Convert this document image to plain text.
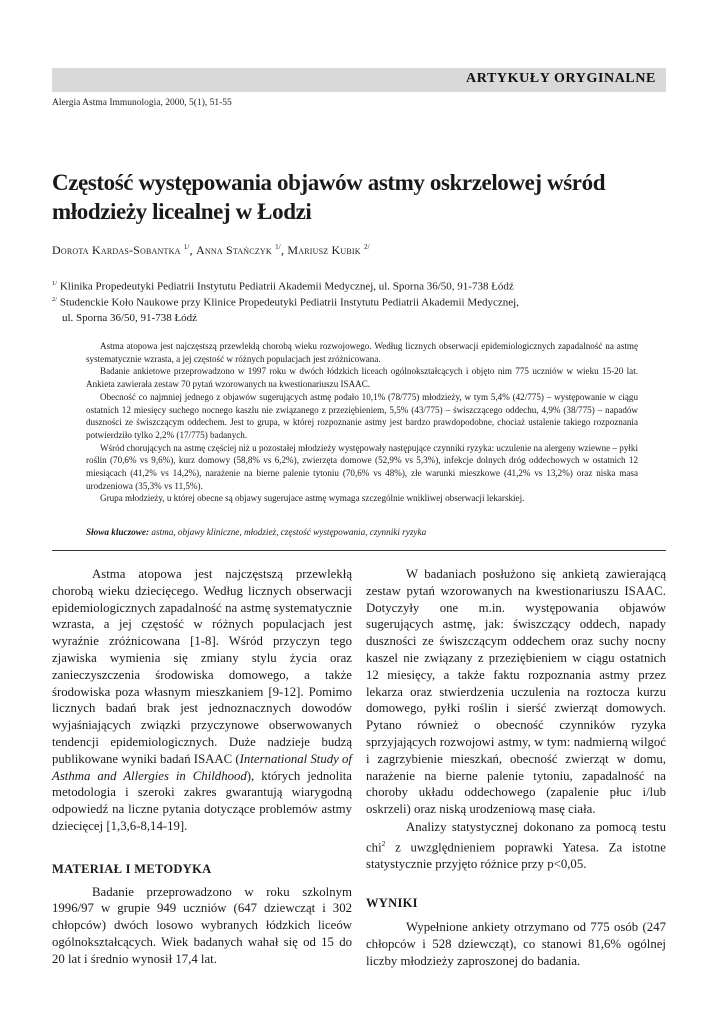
ARTYKUŁY ORYGINALNE
Alergia Astma Immunologia, 2000, 5(1), 51-55
Częstość występowania objawów astmy oskrzelowej wśród
młodzieży licealnej w Łodzi
Dorota Kardas-Sobantka $^{1/}$, Anna Stańczyk $^{1/}$, Mariusz Kubik $^{2/}$
$^{1/}$ Klinika Propedeutyki Pediatrii Instytutu Pediatrii Akademii Medycznej, ul. Sporna 36/50, 91-738 Łódź
$^{2/}$ Studenckie Koło Naukowe przy Klinice Propedeutyki Pediatrii Instytutu Pediatrii Akademii Medycznej,
ul. Sporna 36/50, 91-738 Łódź

Astma atopowa jest najczęstszą przewlekłą chorobą wieku rozwojowego. Według licznych obserwacji epidemiologicznych zapadalność na astmę systematycznie wzrasta, a jej częstość w różnych populacjach jest zróżnicowana.

Badanie ankietowe przeprowadzono w 1997 roku w dwóch łódzkich liceach ogólnokształcących i objęto nim 775 uczniów w wieku 15-20 lat. Ankieta zawierała zestaw 70 pytań wzorowanych na kwestionariuszu ISAAC.

Obecność co najmniej jednego z objawów sugerujących astmę podało 10,1% (78/775) młodzieży, w tym 5,4% (42/775) – występowanie w ciągu ostatnich 12 miesięcy suchego nocnego kaszlu nie związanego z przeziębieniem, 5,5% (43/775) – świszczącego oddechu, 4,9% (38/775) – napadów duszności ze świszczącym oddechem. Jest to grupa, w której rozpoznanie astmy jest bardzo prawdopodobne, chociaż ustalenie takiego rozpoznania potwierdziło tylko 2,2% (17/775) badanych.

Wśród chorujących na astmę częściej niż u pozostałej młodzieży występowały następujące czynniki ryzyka: uczulenie na alergeny wziewne – pyłki roślin (70,6% vs 9,6%), kurz domowy (58,8% vs 6,2%), zwierzęta domowe (52,9% vs 5,3%), infekcje dolnych dróg oddechowych w ostatnich 12 miesiącach (41,2% vs 14,2%), narażenie na bierne palenie tytoniu (70,6% vs 48%), złe warunki mieszkowe (41,2% vs 13,2%) oraz niska masa urodzeniowa (35,3% vs 11,5%).

Grupa młodzieży, u której obecne są objawy sugerujace astmę wymaga szczególnie wnikliwej obserwacji lekarskiej.

Słowa kluczowe: astma, objawy kliniczne, młodzież, częstość występowania, czynniki ryzyka

Astma atopowa jest najczęstszą przewlekłą chorobą wieku dziecięcego. Według licznych obserwacji epidemiologicznych zapadalność na astmę systematycznie wzrasta, a jej częstość w różnych populacjach jest wyraźnie zróżnicowana [1-8]. Wśród przyczyn tego zjawiska wymienia się zmiany stylu życia oraz zanieczyszczenia środowiska domowego, a także środowiska poza własnym mieszkaniem [9-12]. Pomimo licznych badań brak jest jednoznacznych dowodów wyjaśniających związki przyczynowe obserwowanych tendencji epidemiologicznych. Duże nadzieje budzą publikowane wyniki badań ISAAC (International Study of Asthma and Allergies in Childhood), których jednolita metodologia i szeroki zakres gwarantują wiarygodną odpowiedź na liczne pytania dotyczące problemów astmy dziecięcej [1,3,6-8,14-19].

MATERIAŁ I METODYKA

Badanie przeprowadzono w roku szkolnym 1996/97 w grupie 949 uczniów (647 dziewcząt i 302 chłopców) dwóch losowo wybranych łódzkich liceów ogólnokształcących. Wiek badanych wahał się od 15 do 20 lat i średnio wynosił 17,4 lat.

W badaniach posłużono się ankietą zawierającą zestaw pytań wzorowanych na kwestionariuszu ISAAC. Dotyczyły one m.in. występowania objawów sugerujących astmę, jak: świszczący oddech, napady duszności ze świszczącym oddechem oraz suchy nocny kaszel nie związany z przeziębieniem w ciągu ostatnich 12 miesięcy, a także faktu rozpoznania astmy przez lekarza oraz stwierdzenia uczulenia na roztocza kurzu domowego, pyłki roślin i sierść zwierząt domowych. Pytano również o obecność czynników ryzyka sprzyjających rozwojowi astmy, w tym: nadmierną wilgoć i zagrzybienie mieszkań, obecność zwierząt w domu, narażenie na bierne palenie tytoniu, zapadalność na choroby układu oddechowego (zapalenie płuc i/lub oskrzeli) oraz niską urodzeniową masę ciała.

Analizy statystycznej dokonano za pomocą testu chi$^2$ z uwzględnieniem poprawki Yatesa. Za istotne statystycznie przyjęto różnice przy p<0,05.

WYNIKI

Wypełnione ankiety otrzymano od 775 osób (247 chłopców i 528 dziewcząt), co stanowi 81,6% ogólnej liczby młodzieży zaproszonej do badania.
